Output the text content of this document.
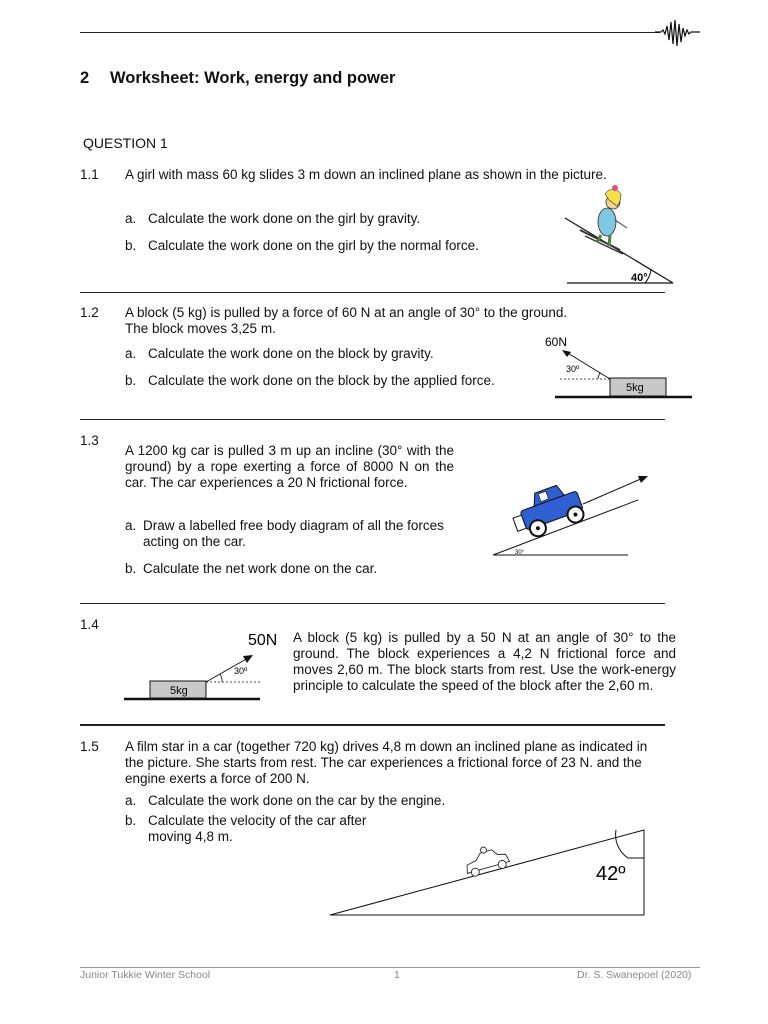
2 Worksheet: Work, energy and power
QUESTION 1
1.1 A girl with mass 60 kg slides 3 m down an inclined plane as shown in the picture.
a. Calculate the work done on the girl by gravity.
b. Calculate the work done on the girl by the normal force.
40°
1.2 A block (5 kg) is pulled by a force of 60 N at an angle of 30° to the ground.
The block moves 3,25 m.
a. Calculate the work done on the block by gravity.
b. Calculate the work done on the block by the applied force.
60N
5kg
30º
1.3
A 1200 kg car is pulled 3 m up an incline (30° with the ground) by a rope exerting a force of 8000 N on the car. The car experiences a 20 N frictional force.
a. Draw a labelled free body diagram of all the forces acting on the car.
b. Calculate the net work done on the car.
30°
1.4
A block (5 kg) is pulled by a 50 N at an angle of 30° to the ground. The block experiences a 4,2 N frictional force and moves 2,60 m. The block starts from rest. Use the work-energy principle to calculate the speed of the block after the 2,60 m.
50N
5kg
30º
1.5 A film star in a car (together 720 kg) drives 4,8 m down an inclined plane as indicated in
the picture. She starts from rest. The car experiences a frictional force of 23 N. and the
engine exerts a force of 200 N.
a. Calculate the work done on the car by the engine.
b. Calculate the velocity of the car after
moving 4,8 m.
42º
Junior Tukkie Winter School	1	Dr. S. Swanepoel (2020)
